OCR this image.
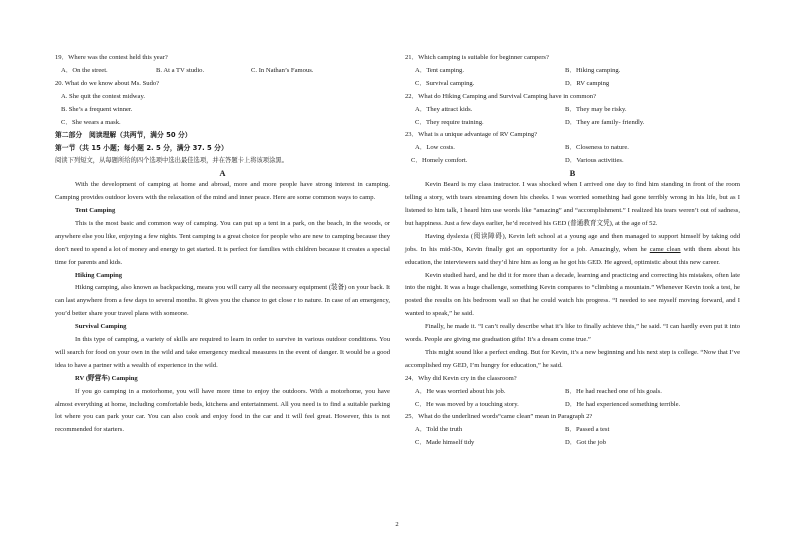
19．Where was the contest held this year?
A．On the street.	B. At a TV studio.	C. In Nathan’s Famous.
20. What do we know about Ms. Sudo?
A. She quit the contest midway.
B. She’s a frequent winner.
C．She wears a mask.
第二部分　阅读理解（共两节，满分 50 分）
第一节（共 15 小题；每小题 2. 5 分，满分 37. 5 分）
阅读下列短文，从每题所给的四个选项中选出最佳选项，并在答题卡上将该项涂黑。
A

With the development of camping at home and abroad, more and more people have strong interest in camping. Camping provides outdoor lovers with the relaxation of the mind and inner peace. Here are some common ways to camp.

Tent Camping

This is the most basic and common way of camping. You can put up a tent in a park, on the beach, in the woods, or anywhere else you like, enjoying a few nights. Tent camping is a great choice for people who are new to camping because they don’t need to spend a lot of money and energy to get started. It is perfect for families with children because it creates a special time for parents and kids.

Hiking Camping

Hiking camping, also known as backpacking, means you will carry all the necessary equipment (装备) on your back. It can last anywhere from a few days to several months. It gives you the chance to get close r to nature. In case of an emergency, you’d better share your travel plans with someone.

Survival Camping

In this type of camping, a variety of skills are required to learn in order to survive in various outdoor conditions. You will search for food on your own in the wild and take emergency medical measures in the event of danger. It would be a good idea to have a partner with a wealth of experience in the wild.

RV (野营车) Camping

If you go camping in a motorhome, you will have more time to enjoy the outdoors. With a motorhome, you have almost everything at home, including comfortable beds, kitchens and entertainment. All you need is to find a suitable parking lot where you can park your car. You can also cook and enjoy food in the car and it will feel great. However, this is not recommended for starters.

21．Which camping is suitable for beginner campers?
A．Tent camping.	B．Hiking camping.
C．Survival camping.	D．RV camping
22．What do Hiking Camping and Survival Camping have in common?
A．They attract kids.	B．They may be risky.
C．They require training.	D．They are family- friendly.
23．What is a unique advantage of RV Camping?
A．Low costs.	B．Closeness to nature.
C．Homely comfort.	D．Various activities.
B

Kevin Beard is my class instructor. I was shocked when I arrived one day to find him standing in front of the room telling a story, with tears streaming down his cheeks. I was worried something had gone terribly wrong in his life, but as I listened to him talk, I heard him use words like “amazing” and “accomplishment.” I realized his tears weren’t out of sadness, but happiness. Just a few days earlier, he’d received his GED (普通教育文凭), at the age of 52.

Having dyslexia (阅读障碍), Kevin left school at a young age and then managed to support himself by taking odd jobs. In his mid-30s, Kevin finally got an opportunity for a job. Amazingly, when he came clean with them about his education, the interviewers said they’d hire him as long as he got his GED. He agreed, optimistic about this new career.

Kevin studied hard, and he did it for more than a decade, learning and practicing and correcting his mistakes, often late into the night. It was a huge challenge, something Kevin compares to “climbing a mountain.” Whenever Kevin took a test, he posted the results on his bedroom wall so that he could watch his progress. “I needed to see myself moving forward, and I wanted to speak,” he said.

Finally, he made it. “I can’t really describe what it’s like to finally achieve this,” he said. “I can hardly even put it into words. People are giving me graduation gifts! It’s a dream come true.”

This might sound like a perfect ending. But for Kevin, it’s a new beginning and his next step is college. “Now that I’ve accomplished my GED, I’m hungry for education,” he said.

24．Why did Kevin cry in the classroom?
A．He was worried about his job.	B．He had reached one of his goals.
C．He was moved by a touching story.	D．He had experienced something terrible.
25．What do the underlined words“came clean” mean in Paragraph 2?
A．Told the truth	B．Passed a test
C．Made himself tidy	D．Got the job
2
